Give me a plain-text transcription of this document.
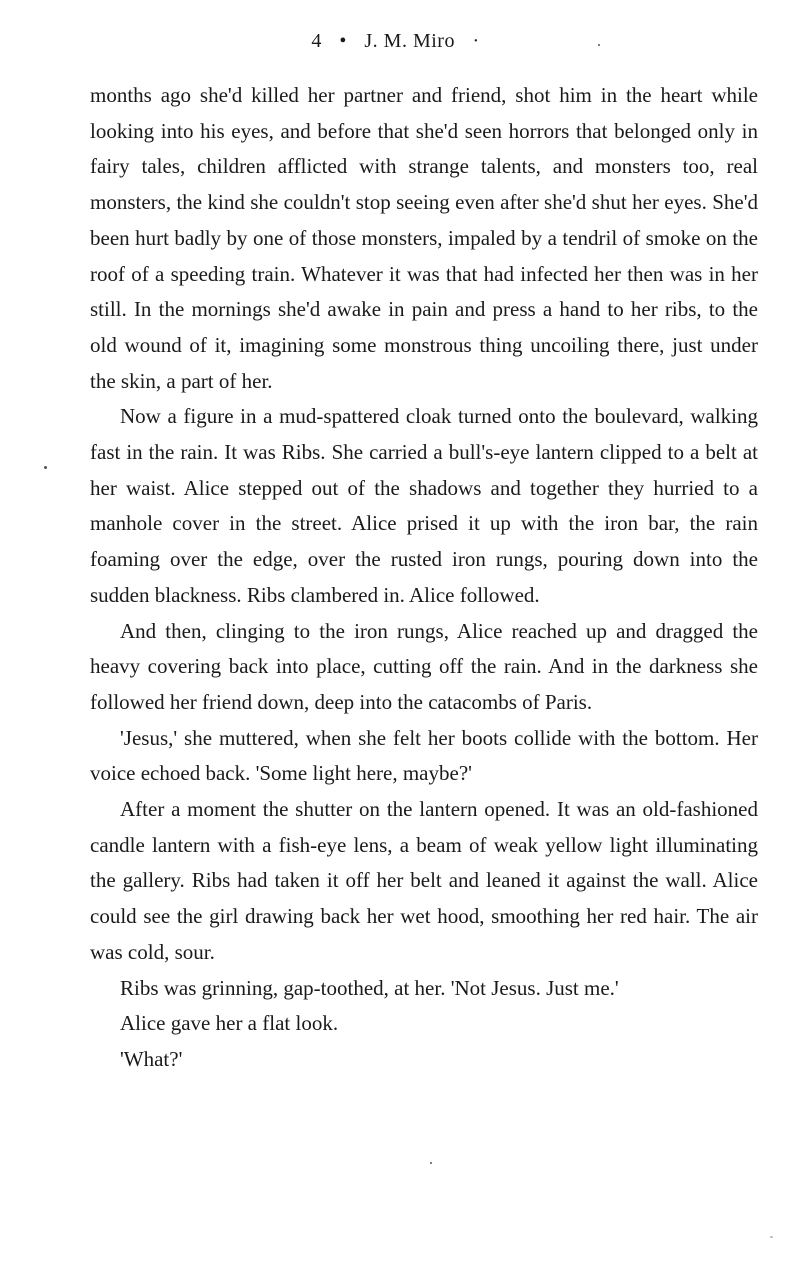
4 • J. M. Miro ·

months ago she'd killed her partner and friend, shot him in the heart while looking into his eyes, and before that she'd seen horrors that belonged only in fairy tales, children afflicted with strange talents, and monsters too, real monsters, the kind she couldn't stop seeing even after she'd shut her eyes. She'd been hurt badly by one of those monsters, impaled by a tendril of smoke on the roof of a speeding train. Whatever it was that had infected her then was in her still. In the mornings she'd awake in pain and press a hand to her ribs, to the old wound of it, imagining some monstrous thing uncoiling there, just under the skin, a part of her.

Now a figure in a mud-spattered cloak turned onto the boulevard, walking fast in the rain. It was Ribs. She carried a bull's-eye lantern clipped to a belt at her waist. Alice stepped out of the shadows and together they hurried to a manhole cover in the street. Alice prised it up with the iron bar, the rain foaming over the edge, over the rusted iron rungs, pouring down into the sudden blackness. Ribs clambered in. Alice followed.

And then, clinging to the iron rungs, Alice reached up and dragged the heavy covering back into place, cutting off the rain. And in the darkness she followed her friend down, deep into the catacombs of Paris.

'Jesus,' she muttered, when she felt her boots collide with the bottom. Her voice echoed back. 'Some light here, maybe?'

After a moment the shutter on the lantern opened. It was an old-fashioned candle lantern with a fish-eye lens, a beam of weak yellow light illuminating the gallery. Ribs had taken it off her belt and leaned it against the wall. Alice could see the girl drawing back her wet hood, smoothing her red hair. The air was cold, sour.

Ribs was grinning, gap-toothed, at her. 'Not Jesus. Just me.'

Alice gave her a flat look.

'What?'
